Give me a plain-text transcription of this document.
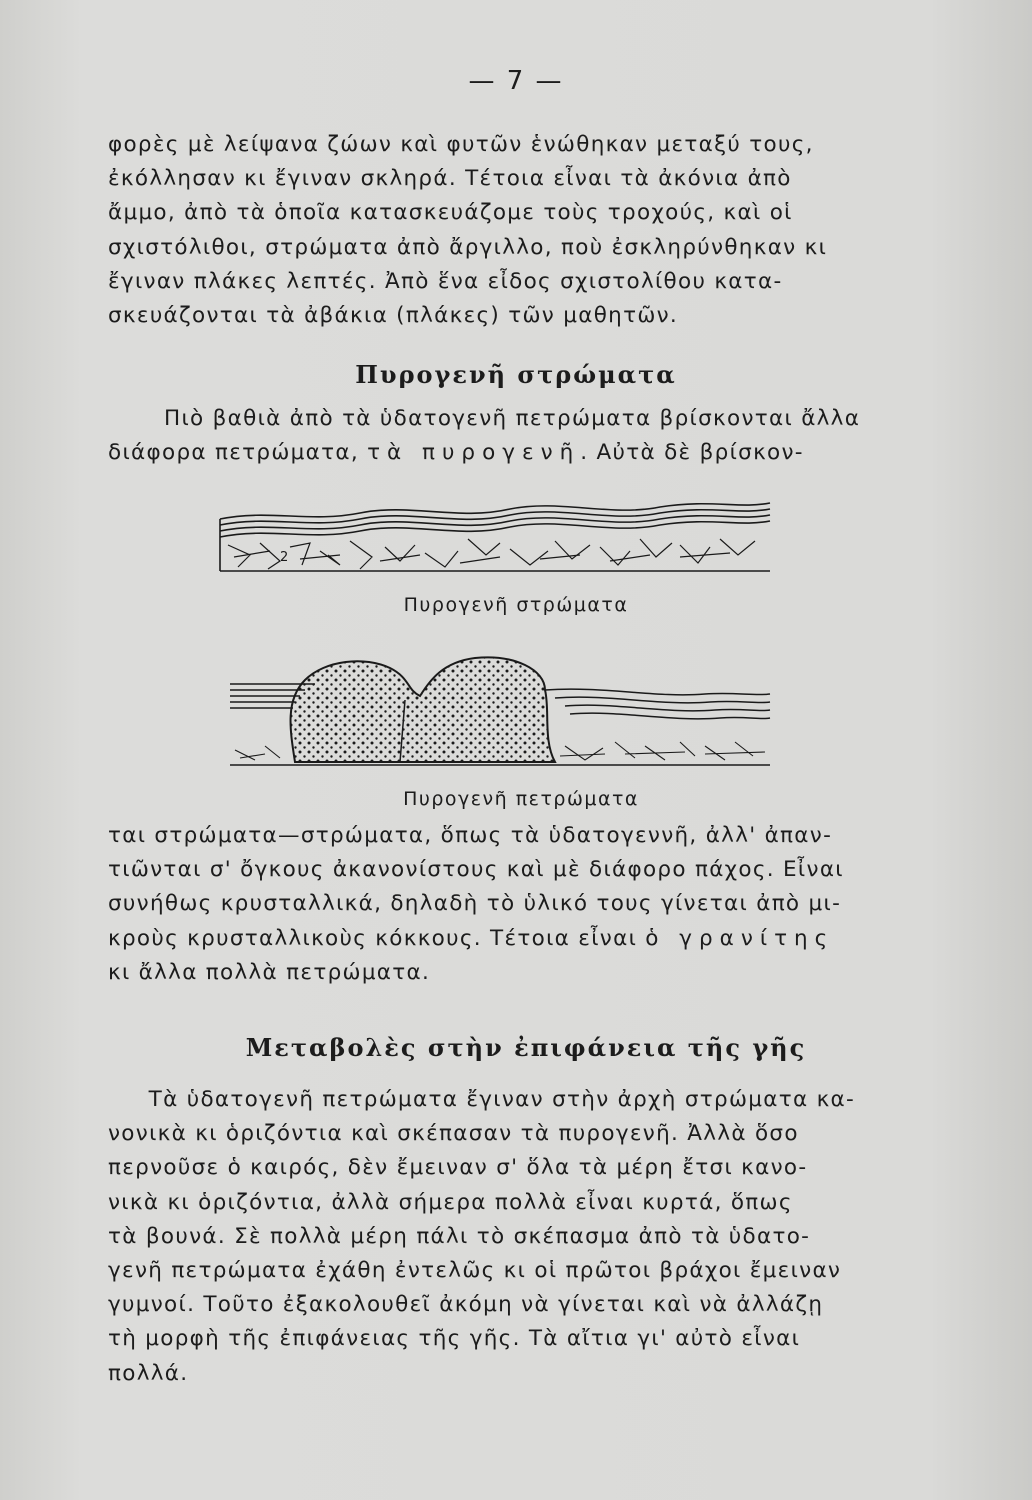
— 7 —
φορὲς μὲ λείψανα ζώων καὶ φυτῶν ἑνώθηκαν μεταξύ τους,
ἐκόλλησαν κι ἔγιναν σκληρά. Τέτοια εἶναι τὰ ἀκόνια ἀπὸ
ἄμμο, ἀπὸ τὰ ὁποῖα κατασκευάζομε τοὺς τροχούς, καὶ οἱ
σχιστόλιθοι, στρώματα ἀπὸ ἄργιλλο, ποὺ ἐσκληρύνθηκαν κι
ἔγιναν πλάκες λεπτές. Ἀπὸ ἕνα εἶδος σχιστολίθου κατα-
σκευάζονται τὰ ἀβάκια (πλάκες) τῶν μαθητῶν.
Πυρογενῆ στρώματα
Πιὸ βαθιὰ ἀπὸ τὰ ὑδατογενῆ πετρώματα βρίσκονται ἄλλα
διάφορα πετρώματα, τὰ πυρογενῆ. Αὐτὰ δὲ βρίσκον-
2
Πυρογενῆ στρώματα
Πυρογενῆ πετρώματα
ται στρώματα—στρώματα, ὅπως τὰ ὑδατογεννῆ, ἀλλ' ἀπαν-
τιῶνται σ' ὄγκους ἀκανονίστους καὶ μὲ διάφορο πάχος. Εἶναι
συνήθως κρυσταλλικά, δηλαδὴ τὸ ὑλικό τους γίνεται ἀπὸ μι-
κροὺς κρυσταλλικοὺς κόκκους. Τέτοια εἶναι ὁ γρανίτης
κι ἄλλα πολλὰ πετρώματα.
Μεταβολὲς στὴν ἐπιφάνεια τῆς γῆς
Τὰ ὑδατογενῆ πετρώματα ἔγιναν στὴν ἀρχὴ στρώματα κα-
νονικὰ κι ὁριζόντια καὶ σκέπασαν τὰ πυρογενῆ. Ἀλλὰ ὅσο
περνοῦσε ὁ καιρός, δὲν ἔμειναν σ' ὅλα τὰ μέρη ἔτσι κανο-
νικὰ κι ὁριζόντια, ἀλλὰ σήμερα πολλὰ εἶναι κυρτά, ὅπως
τὰ βουνά. Σὲ πολλὰ μέρη πάλι τὸ σκέπασμα ἀπὸ τὰ ὑδατο-
γενῆ πετρώματα ἐχάθη ἐντελῶς κι οἱ πρῶτοι βράχοι ἔμειναν
γυμνοί. Τοῦτο ἐξακολουθεῖ ἀκόμη νὰ γίνεται καὶ νὰ ἀλλάζῃ
τὴ μορφὴ τῆς ἐπιφάνειας τῆς γῆς. Τὰ αἴτια γι' αὐτὸ εἶναι
πολλά.
